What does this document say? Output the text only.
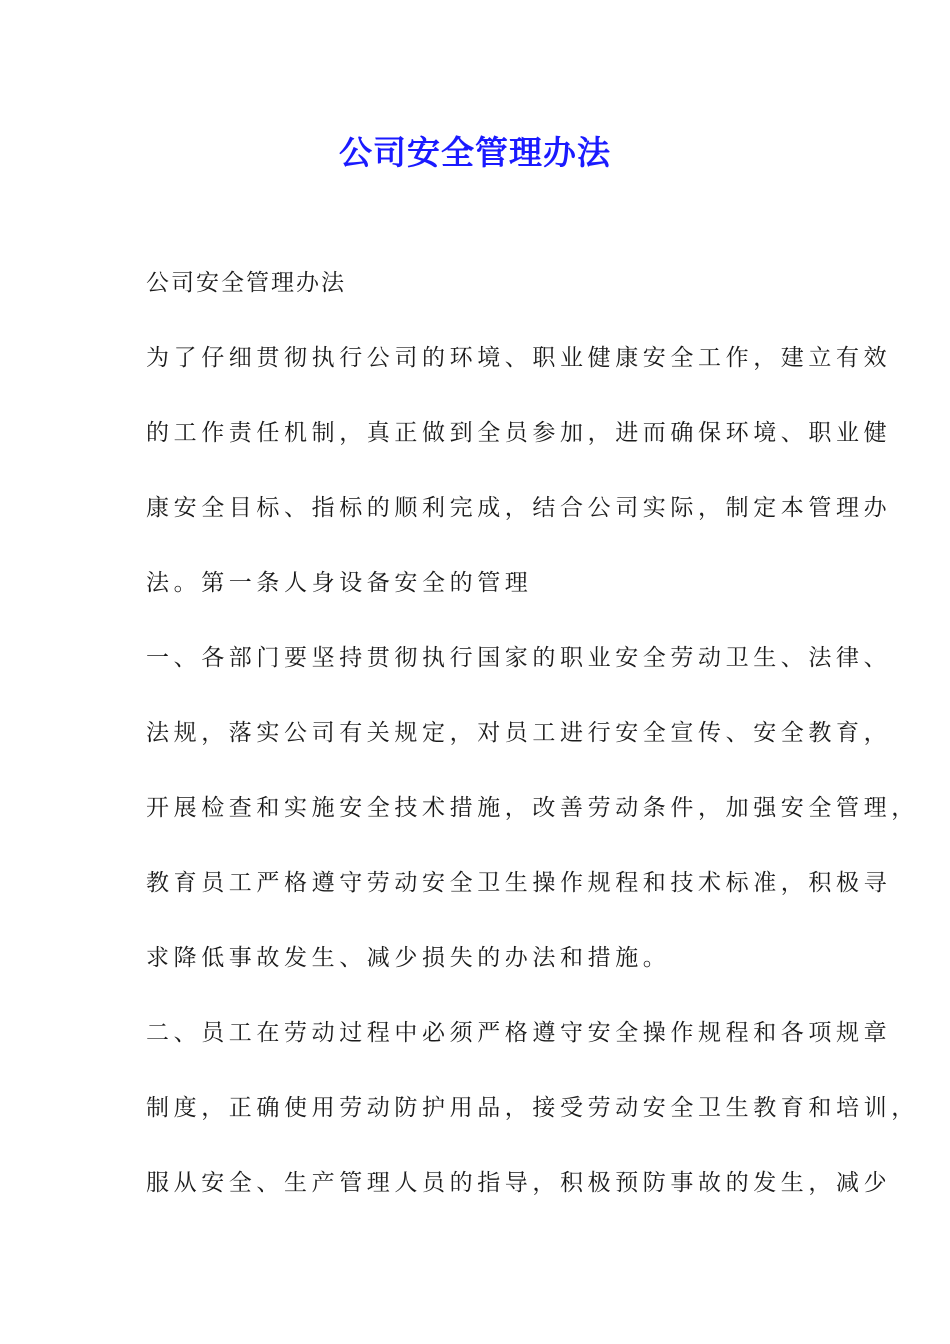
公司安全管理办法

公司安全管理办法

为了仔细贯彻执行公司的环境、职业健康安全工作，建立有效

的工作责任机制，真正做到全员参加，进而确保环境、职业健

康安全目标、指标的顺利完成，结合公司实际，制定本管理办

法。第一条人身设备安全的管理

一、各部门要坚持贯彻执行国家的职业安全劳动卫生、法律、

法规，落实公司有关规定，对员工进行安全宣传、安全教育，

开展检查和实施安全技术措施，改善劳动条件，加强安全管理，

教育员工严格遵守劳动安全卫生操作规程和技术标准，积极寻

求降低事故发生、减少损失的办法和措施。

二、员工在劳动过程中必须严格遵守安全操作规程和各项规章

制度，正确使用劳动防护用品，接受劳动安全卫生教育和培训，

服从安全、生产管理人员的指导，积极预防事故的发生，减少
